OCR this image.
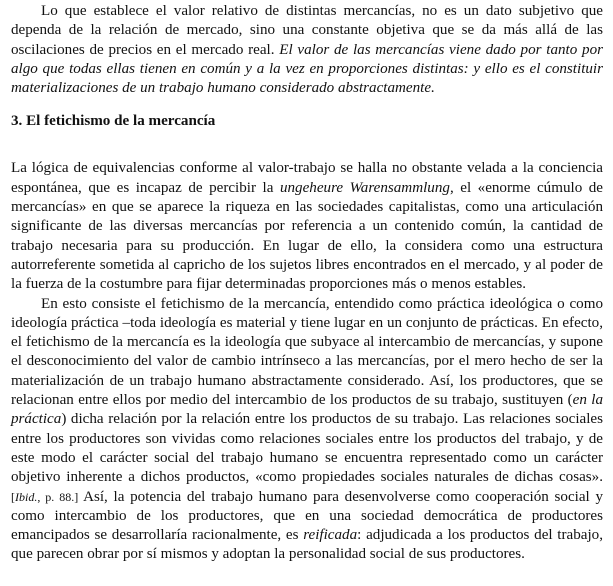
Lo que establece el valor relativo de distintas mercancías, no es un dato subjetivo que dependa de la relación de mercado, sino una constante objetiva que se da más allá de las oscilaciones de precios en el mercado real. El valor de las mercancías viene dado por tanto por algo que todas ellas tienen en común y a la vez en proporciones distintas: y ello es el constituir materializaciones de un trabajo humano considerado abstractamente.

3. El fetichismo de la mercancía

La lógica de equivalencias conforme al valor-trabajo se halla no obstante velada a la conciencia espontánea, que es incapaz de percibir la ungeheure Warensammlung, el «enorme cúmulo de mercancías» en que se aparece la riqueza en las sociedades capitalistas, como una articulación significante de las diversas mercancías por referencia a un contenido común, la cantidad de trabajo necesaria para su producción. En lugar de ello, la considera como una estructura autorreferente sometida al capricho de los sujetos libres encontrados en el mercado, y al poder de la fuerza de la costumbre para fijar determinadas proporciones más o menos estables.

En esto consiste el fetichismo de la mercancía, entendido como práctica ideológica o como ideología práctica –toda ideología es material y tiene lugar en un conjunto de prácticas. En efecto, el fetichismo de la mercancía es la ideología que subyace al intercambio de mercancías, y supone el desconocimiento del valor de cambio intrínseco a las mercancías, por el mero hecho de ser la materialización de un trabajo humano abstractamente considerado. Así, los productores, que se relacionan entre ellos por medio del intercambio de los productos de su trabajo, sustituyen (en la práctica) dicha relación por la relación entre los productos de su trabajo. Las relaciones sociales entre los productores son vividas como relaciones sociales entre los productos del trabajo, y de este modo el carácter social del trabajo humano se encuentra representado como un carácter objetivo inherente a dichos productos, «como propiedades sociales naturales de dichas cosas». [Ibid., p. 88.] Así, la potencia del trabajo humano para desenvolverse como cooperación social y como intercambio de los productores, que en una sociedad democrática de productores emancipados se desarrollaría racionalmente, es reificada: adjudicada a los productos del trabajo, que parecen obrar por sí mismos y adoptan la personalidad social de sus productores.
